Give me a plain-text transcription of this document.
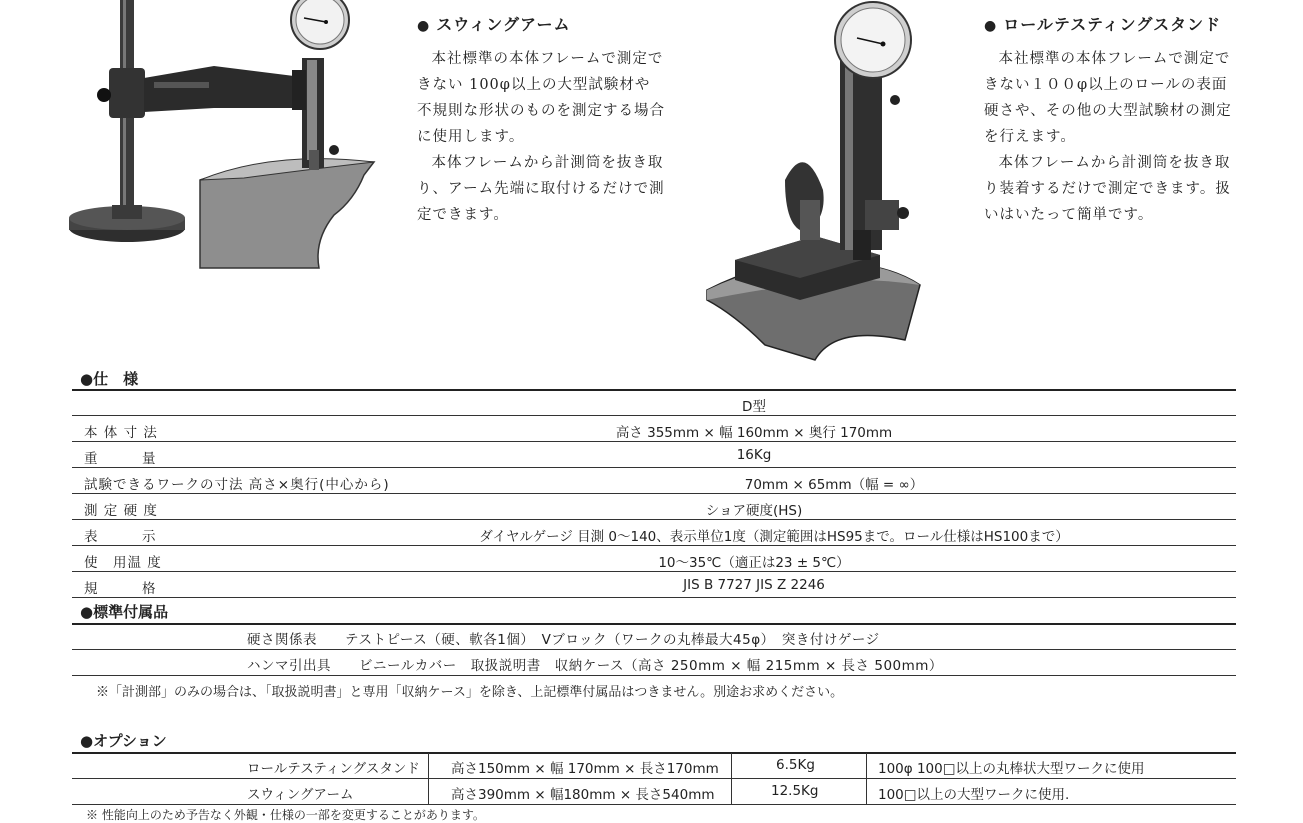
● スウィングアーム

本社標準の本体フレームで測定できない 100φ以上の大型試験材や 不規則な形状のものを測定する場合に使用します。

本体フレームから計測筒を抜き取り、アーム先端に取付けるだけで測定できます。

● ロールテスティングスタンド

本社標準の本体フレームで測定できない１００φ以上のロールの表面硬さや、その他の大型試験材の測定を行えます。

本体フレームから計測筒を抜き取り装着するだけで測定できます。扱いはいたって簡単です。

●仕　様
D型
本 体 寸 法	高さ 355mm × 幅 160mm × 奥行 170mm
重　　　量	16Kg
試験できるワークの寸法 高さ×奥行(中心から)	70mm × 65mm（幅 = ∞）
測 定 硬 度	ショア硬度(HS)
表　　　示	ダイヤルゲージ 目測 0〜140、表示単位1度（測定範囲はHS95まで。ロール仕様はHS100まで）
使　用温 度	10〜35℃（適正は23 ± 5℃）
規　　　格	JIS B 7727 JIS Z 2246
●標準付属品
硬さ関係表　　テストピース（硬、軟各1個）　Vブロック（ワークの丸棒最大45φ）　突き付けゲージ
ハンマ引出具　　ビニールカバー　取扱説明書　収納ケース（高さ 250mm × 幅 215mm × 長さ 500mm）
※「計測部」のみの場合は、「取扱説明書」と専用「収納ケース」を除き、上記標準付属品はつきません。別途お求めください。
●オプション
ロールテスティングスタンド 高さ150mm × 幅 170mm × 長さ170mm	6.5Kg	100φ 100□以上の丸棒状大型ワークに使用
スウィングアーム	高さ390mm × 幅180mm × 長さ540mm	12.5Kg	100□以上の大型ワークに使用.
※ 性能向上のため予告なく外観・仕様の一部を変更することがあります。
